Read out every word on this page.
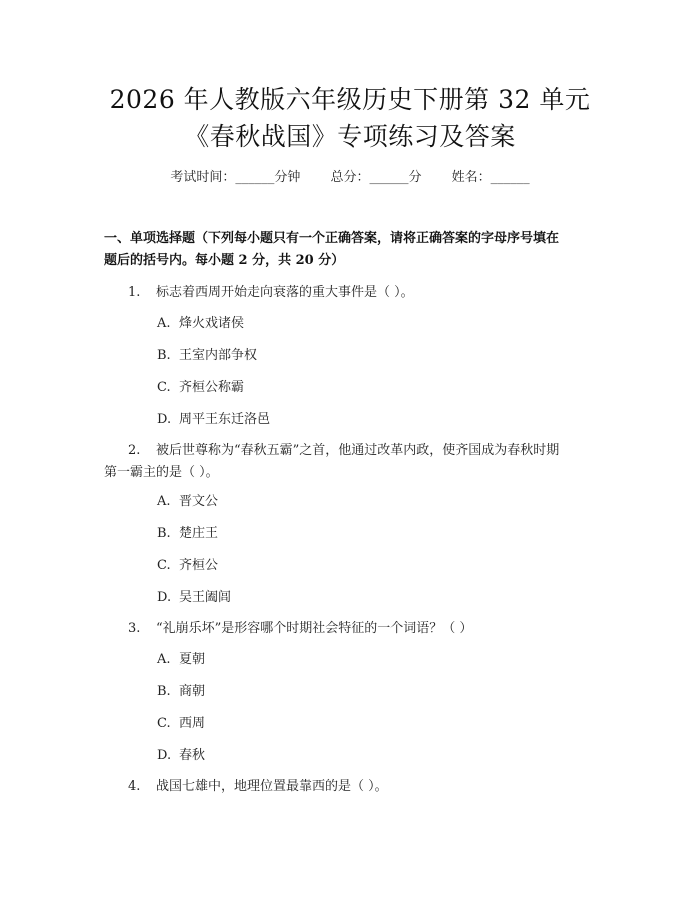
2026 年人教版六年级历史下册第 32 单元
《春秋战国》专项练习及答案
考试时间：______分钟 总分：______分 姓名：______
一、单项选择题（下列每小题只有一个正确答案，请将正确答案的字母序号填在
题后的括号内。每小题 2 分，共 20 分）
1. 标志着西周开始走向衰落的重大事件是（ ）。
A. 烽火戏诸侯
B. 王室内部争权
C. 齐桓公称霸
D. 周平王东迁洛邑
2. 被后世尊称为“春秋五霸”之首，他通过改革内政，使齐国成为春秋时期
第一霸主的是（ ）。
A. 晋文公
B. 楚庄王
C. 齐桓公
D. 吴王阖闾
3. “礼崩乐坏”是形容哪个时期社会特征的一个词语？（ ）
A. 夏朝
B. 商朝
C. 西周
D. 春秋
4. 战国七雄中，地理位置最靠西的是（ ）。
